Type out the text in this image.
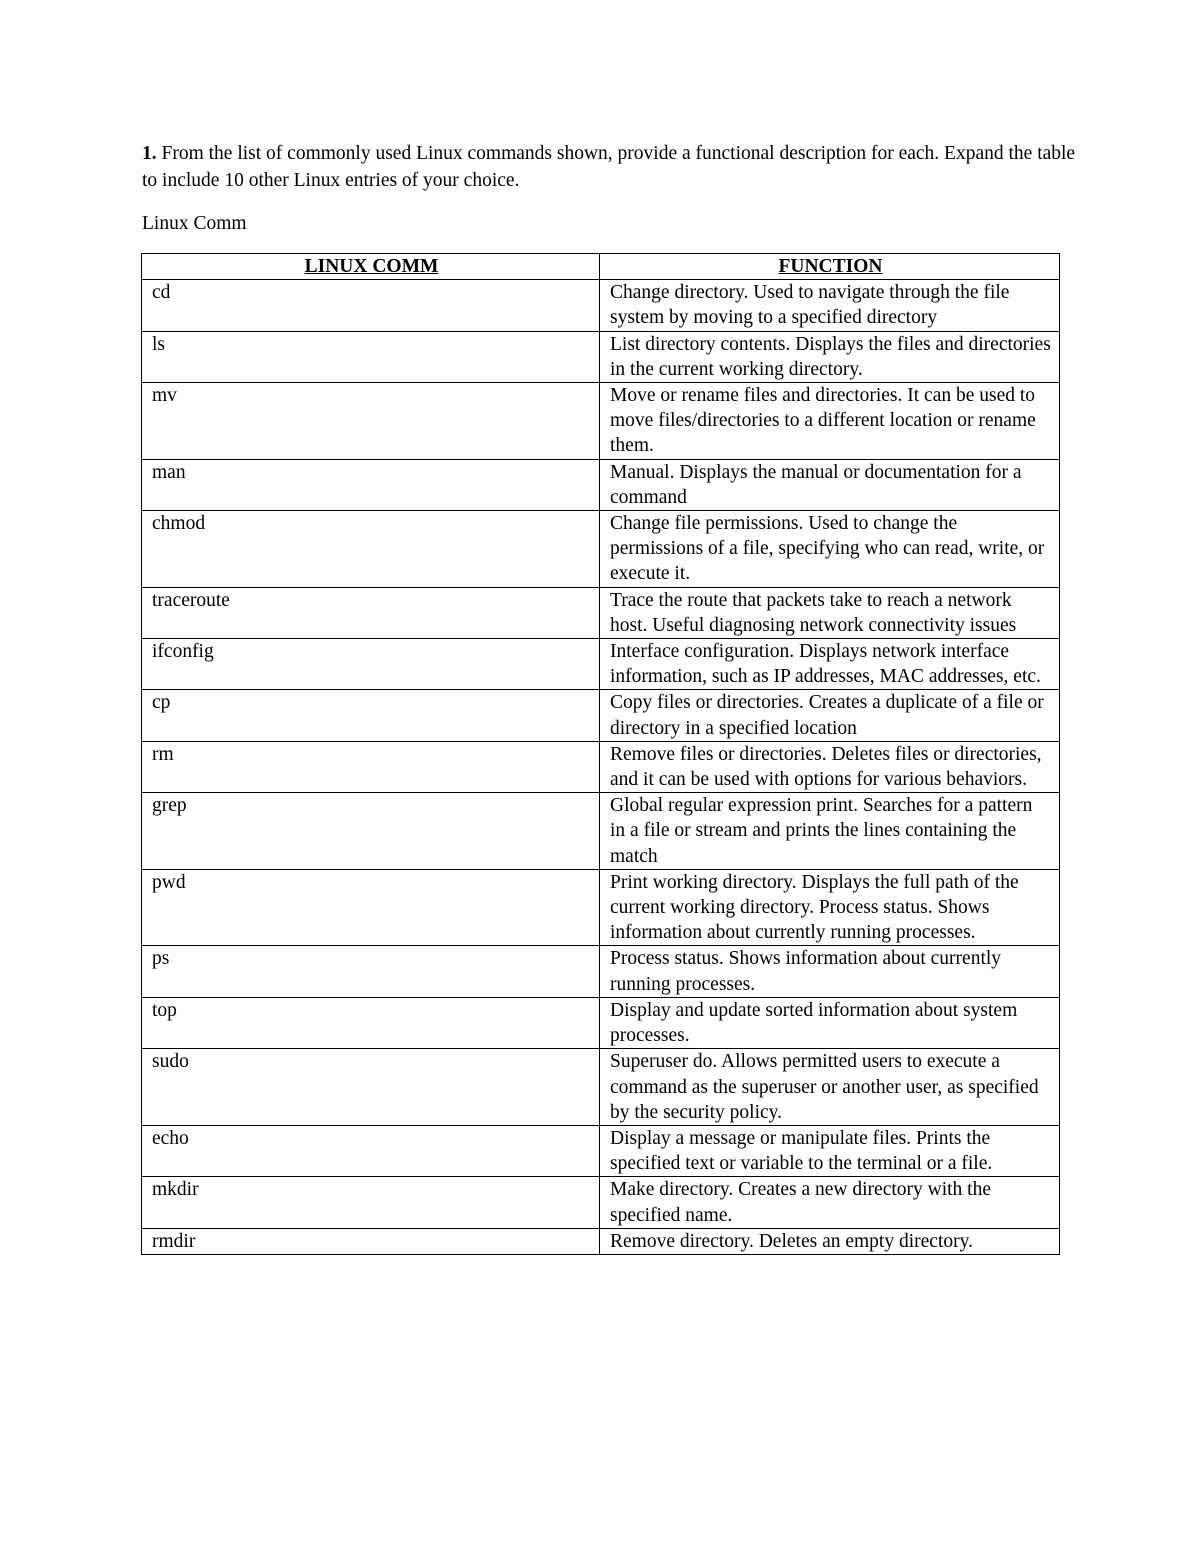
1. From the list of commonly used Linux commands shown, provide a functional description for each. Expand the table to include 10 other Linux entries of your choice.

Linux Comm
LINUX COMM	FUNCTION
cd	Change directory. Used to navigate through the file system by moving to a specified directory
ls	List directory contents. Displays the files and directories in the current working directory.
mv	Move or rename files and directories. It can be used to move files/directories to a different location or rename them.
man	Manual. Displays the manual or documentation for a command
chmod	Change file permissions. Used to change the permissions of a file, specifying who can read, write, or execute it.
traceroute	Trace the route that packets take to reach a network host. Useful diagnosing network connectivity issues
ifconfig	Interface configuration. Displays network interface information, such as IP addresses, MAC addresses, etc.
cp	Copy files or directories. Creates a duplicate of a file or directory in a specified location
rm	Remove files or directories. Deletes files or directories, and it can be used with options for various behaviors.
grep	Global regular expression print. Searches for a pattern in a file or stream and prints the lines containing the match
pwd	Print working directory. Displays the full path of the current working directory. Process status. Shows information about currently running processes.
ps	Process status. Shows information about currently running processes.
top	Display and update sorted information about system processes.
sudo	Superuser do. Allows permitted users to execute a command as the superuser or another user, as specified by the security policy.
echo	Display a message or manipulate files. Prints the specified text or variable to the terminal or a file.
mkdir	Make directory. Creates a new directory with the specified name.
rmdir	Remove directory. Deletes an empty directory.
